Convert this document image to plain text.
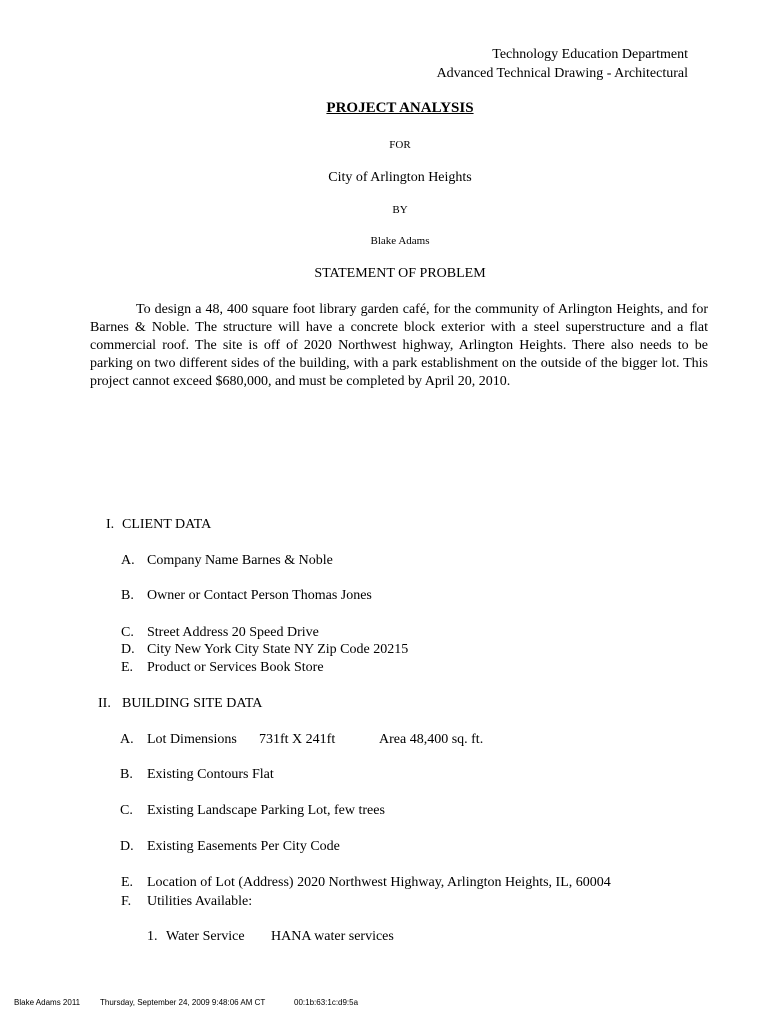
Technology Education Department
Advanced Technical Drawing - Architectural
PROJECT ANALYSIS
FOR
City of Arlington Heights
BY
Blake Adams
STATEMENT OF PROBLEM
To design a 48, 400 square foot library garden café, for the community of Arlington Heights, and for Barnes & Noble. The structure will have a concrete block exterior with a steel superstructure and a flat commercial roof. The site is off of 2020 Northwest highway, Arlington Heights. There also needs to be parking on two different sides of the building, with a park establishment on the outside of the bigger lot. This project cannot exceed $680,000, and must be completed by April 20, 2010.
I. CLIENT DATA
A. Company Name Barnes & Noble
B. Owner or Contact Person Thomas Jones
C. Street Address 20 Speed Drive
D. City New York City State NY Zip Code 20215
E. Product or Services Book Store
II. BUILDING SITE DATA
A. Lot Dimensions 731ft X 241ft	Area 48,400 sq. ft.
B. Existing Contours Flat
C. Existing Landscape Parking Lot, few trees
D. Existing Easements Per City Code
E. Location of Lot (Address) 2020 Northwest Highway, Arlington Heights, IL, 60004
F. Utilities Available:
1. Water Service HANA water services
Blake Adams 2011 Thursday, September 24, 2009 9:48:06 AM CT	00:1b:63:1c:d9:5a
